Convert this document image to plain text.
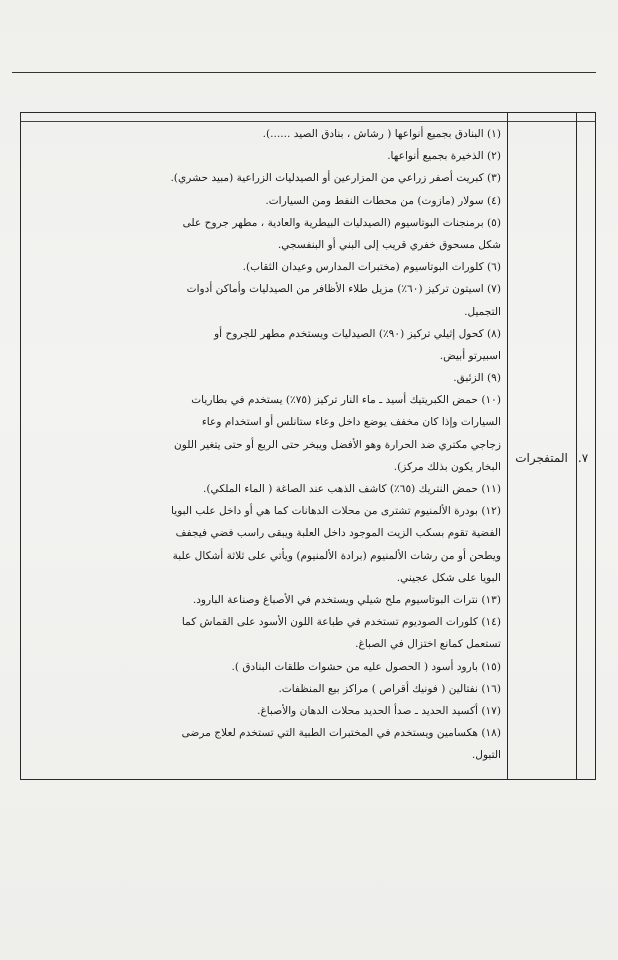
٧.
المتفجرات
(١) البنادق بجميع أنواعها ( رشاش ، بنادق الصيد ......).
(٢) الذخيرة بجميع أنواعها.
(٣) كبريت أصفر زراعي من المزارعين أو الصيدليات الزراعية (مبيد حشري).
(٤) سولار (مازوت) من محطات النفط ومن السيارات.
(٥) برمنجنات البوتاسيوم (الصيدليات البيطرية والعادية ، مطهر جروح على
شكل مسحوق خفري قريب إلى البني أو البنفسجي.
(٦) كلورات البوتاسيوم (مختبرات المدارس وعيدان الثقاب).
(٧) اسيتون تركيز (٦٠٪) مزيل طلاء الأظافر من الصيدليات وأماكن أدوات
التجميل.
(٨) كحول إثيلي تركيز (٩٠٪) الصيدليات ويستخدم مطهر للجروح أو
اسبيرتو أبيض.
(٩) الزئبق.
(١٠) حمض الكبريتيك أسيد ـ ماء النار تركيز (٧٥٪) يستخدم في بطاريات
السيارات وإذا كان مخفف يوضع داخل وعاء ستانلس أو استخدام وعاء
زجاجي مكتري ضد الحرارة وهو الأفضل ويبخر حتى الربع أو حتى يتغير اللون
البخار يكون بذلك مركز).
(١١) حمض النتريك (٦٥٪) كاشف الذهب عند الصاغة ( الماء الملكي).
(١٢) بودرة الألمنيوم تشترى من محلات الدهانات كما هي أو داخل علب البويا
الفضية تقوم بسكب الزيت الموجود داخل العلبة ويبقى راسب فضي فيجفف
ويطحن أو من رشات الألمنيوم (برادة الألمنيوم) ويأتي على ثلاثة أشكال علبة
البويا على شكل عجيني.
(١٣) نترات البوتاسيوم ملح شيلي ويستخدم في الأصباغ وصناعة البارود.
(١٤) كلورات الصوديوم تستخدم في طباعة اللون الأسود على القماش كما
تستعمل كمانع اختزال في الصباغ.
(١٥) بارود أسود ( الحصول عليه من حشوات طلقات البنادق ).
(١٦) نفتالين ( فونيك أقراص ) مراكز بيع المنظفات.
(١٧) أكسيد الحديد ـ صدأ الحديد محلات الدهان والأصباغ.
(١٨) هكسامين ويستخدم في المختبرات الطبية التي تستخدم لعلاج مرضى
التبول.
